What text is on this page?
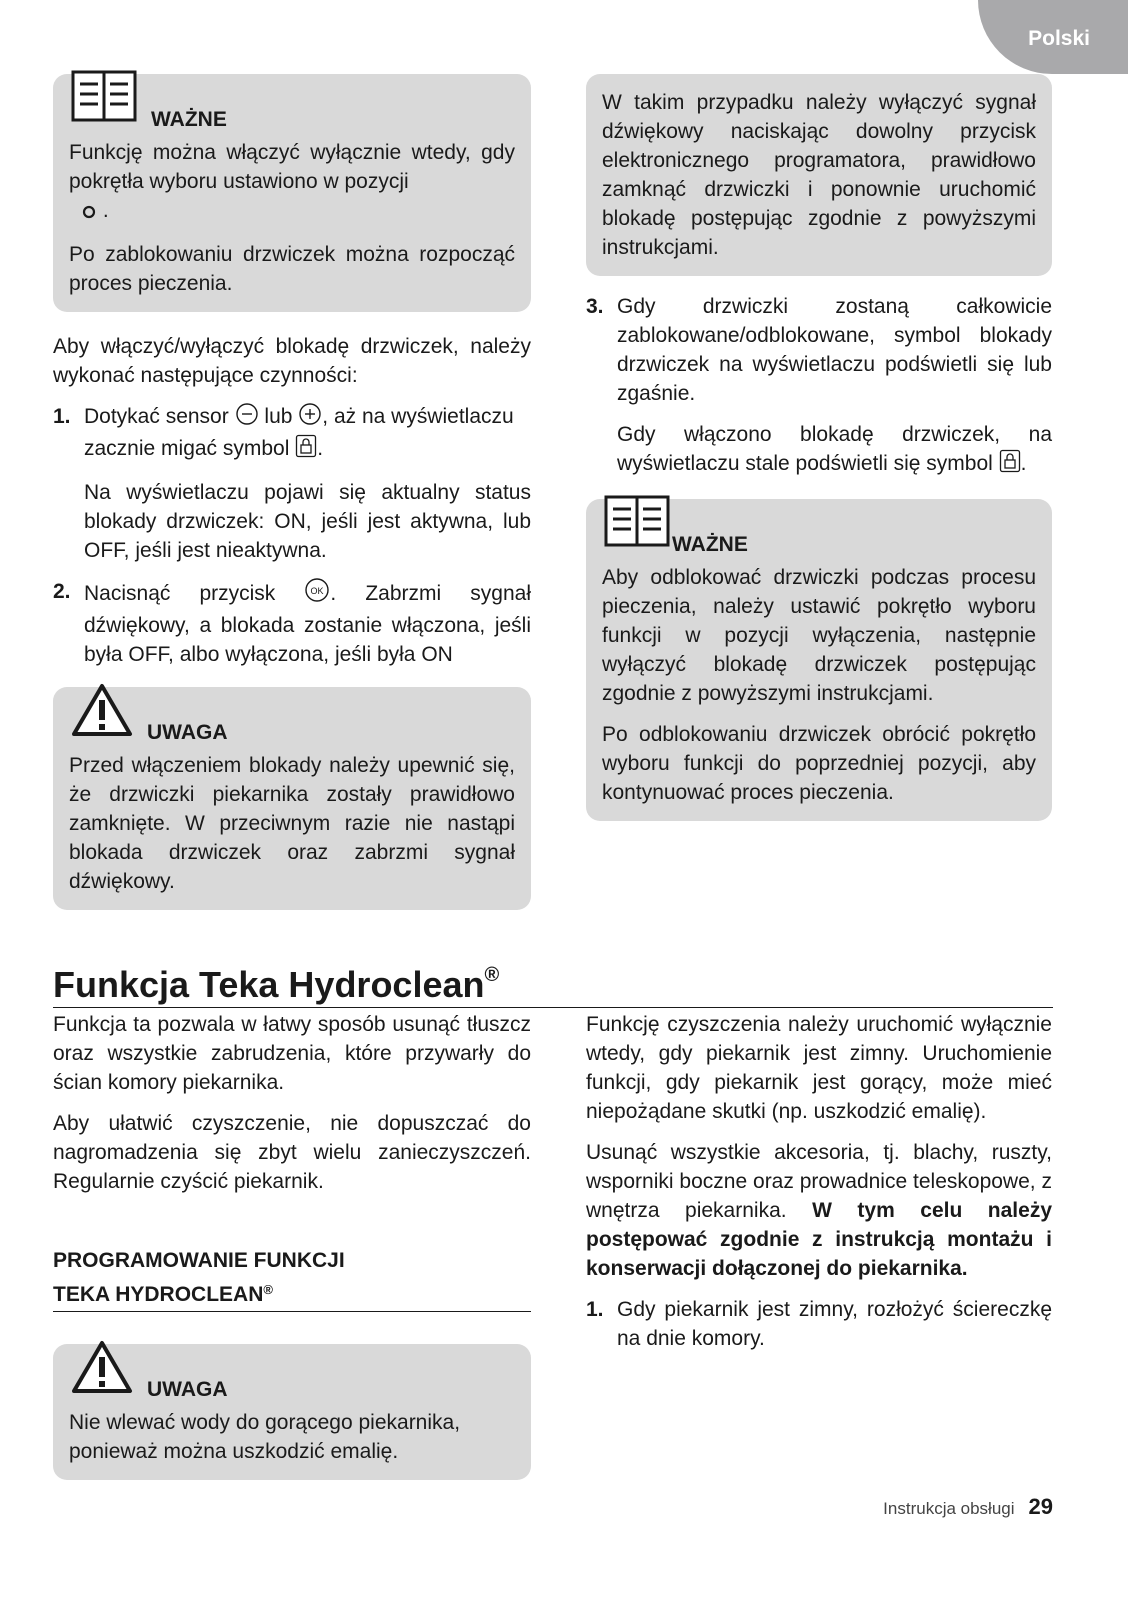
Polski
WAŻNE

Funkcję można włączyć wyłącznie wtedy, gdy pokrętła wyboru ustawiono w pozycji
.

Po zablokowaniu drzwiczek można rozpocząć proces pieczenia.

Aby włączyć/wyłączyć blokadę drzwiczek, należy wykonać następujące czynności:

1. Dotykać sensor lub , aż na wyświetlaczu zacznie migać symbol .

Na wyświetlaczu pojawi się aktualny status blokady drzwiczek: ON, jeśli jest aktywna, lub OFF, jeśli jest nieaktywna.

2. Nacisnąć przycisk	OK . Zabrzmi sygnał dźwiękowy, a blokada zostanie włączona, jeśli była OFF, albo wyłączona, jeśli była ON

UWAGA

Przed włączeniem blokady należy upewnić się, że drzwiczki piekarnika zostały prawidłowo zamknięte. W przeciwnym razie nie nastąpi blokada drzwiczek oraz zabrzmi sygnał dźwiękowy.

W takim przypadku należy wyłączyć sygnał dźwiękowy naciskając dowolny przycisk elektronicznego programatora, prawidłowo zamknąć drzwiczki i ponownie uruchomić blokadę postępując zgodnie z powyższymi instrukcjami.

3. Gdy drzwiczki zostaną całkowicie zablokowane/odblokowane, symbol blokady drzwiczek na wyświetlaczu podświetli się lub zgaśnie.

Gdy włączono blokadę drzwiczek, na wyświetlaczu stale podświetli się symbol .

WAŻNE

Aby odblokować drzwiczki podczas procesu pieczenia, należy ustawić pokrętło wyboru funkcji w pozycji wyłączenia, następnie wyłączyć blokadę drzwiczek postępując zgodnie z powyższymi instrukcjami.

Po odblokowaniu drzwiczek obrócić pokrętło wyboru funkcji do poprzedniej pozycji, aby kontynuować proces pieczenia.

Funkcja Teka Hydroclean®

Funkcja ta pozwala w łatwy sposób usunąć tłuszcz oraz wszystkie zabrudzenia, które przywarły do ścian komory piekarnika.

Aby ułatwić czyszczenie, nie dopuszczać do nagromadzenia się zbyt wielu zanieczyszczeń. Regularnie czyścić piekarnik.

PROGRAMOWANIE FUNKCJI
TEKA HYDROCLEAN®
UWAGA

Nie wlewać wody do gorącego piekarnika, ponieważ można uszkodzić emalię.

Funkcję czyszczenia należy uruchomić wyłącznie wtedy, gdy piekarnik jest zimny. Uruchomienie funkcji, gdy piekarnik jest gorący, może mieć niepożądane skutki (np. uszkodzić emalię).

Usunąć wszystkie akcesoria, tj. blachy, ruszty, wsporniki boczne oraz prowadnice teleskopowe, z wnętrza piekarnika. W tym celu należy postępować zgodnie z instrukcją montażu i konserwacji dołączonej do piekarnika.

1. Gdy piekarnik jest zimny, rozłożyć ściereczkę na dnie komory.

Instrukcja obsługi 29
